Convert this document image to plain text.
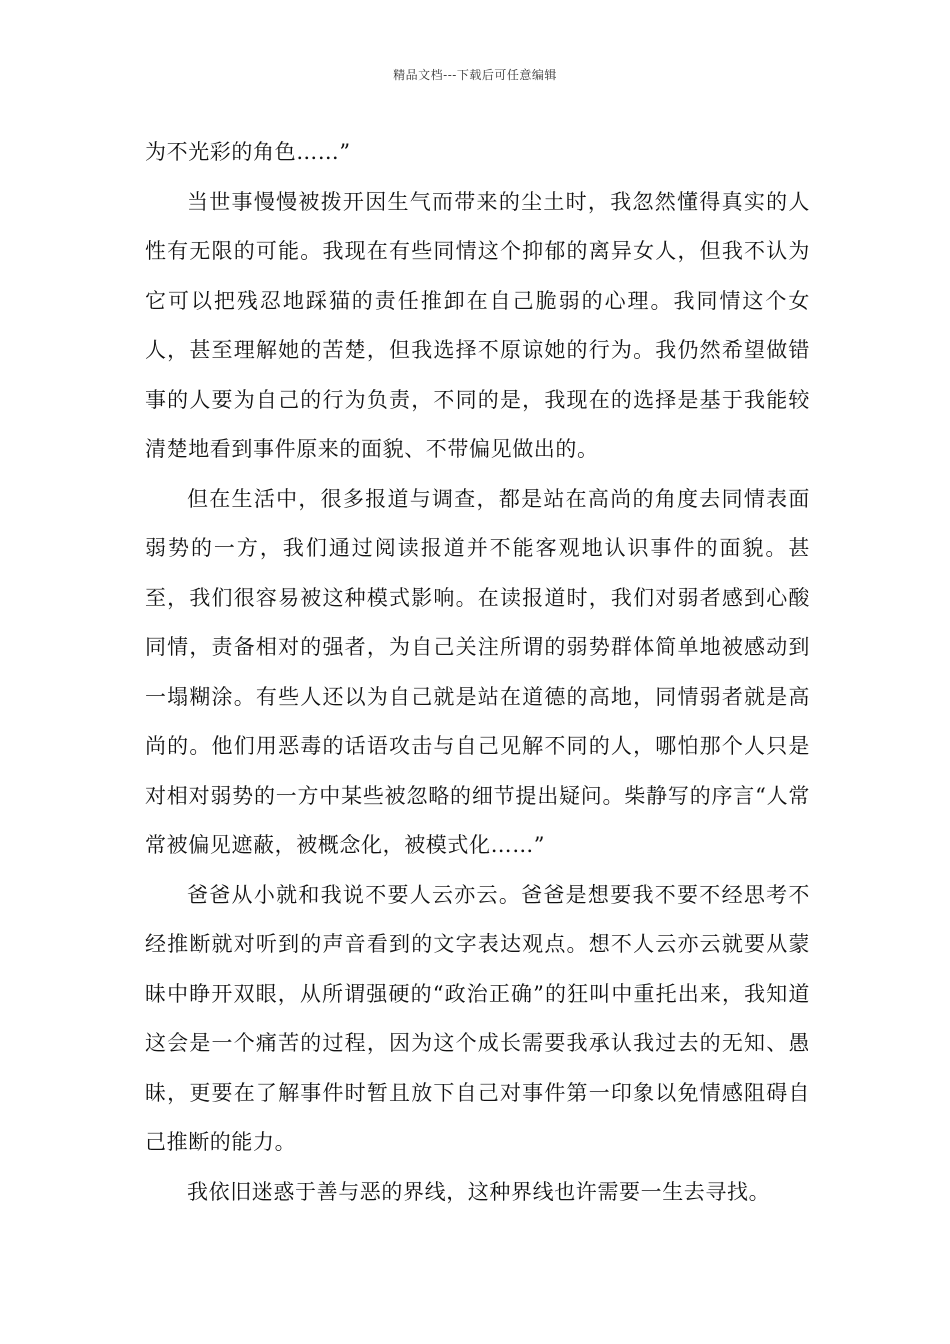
精品文档---下载后可任意编辑

为不光彩的角色……”

当世事慢慢被拨开因生气而带来的尘土时，我忽然懂得真实的人性有无限的可能。我现在有些同情这个抑郁的离异女人，但我不认为它可以把残忍地踩猫的责任推卸在自己脆弱的心理。我同情这个女人，甚至理解她的苦楚，但我选择不原谅她的行为。我仍然希望做错事的人要为自己的行为负责，不同的是，我现在的选择是基于我能较清楚地看到事件原来的面貌、不带偏见做出的。

但在生活中，很多报道与调查，都是站在高尚的角度去同情表面弱势的一方，我们通过阅读报道并不能客观地认识事件的面貌。甚至，我们很容易被这种模式影响。在读报道时，我们对弱者感到心酸同情，责备相对的强者，为自己关注所谓的弱势群体简单地被感动到一塌糊涂。有些人还以为自己就是站在道德的高地，同情弱者就是高尚的。他们用恶毒的话语攻击与自己见解不同的人，哪怕那个人只是对相对弱势的一方中某些被忽略的细节提出疑问。柴静写的序言“人常常被偏见遮蔽，被概念化，被模式化……”

爸爸从小就和我说不要人云亦云。爸爸是想要我不要不经思考不经推断就对听到的声音看到的文字表达观点。想不人云亦云就要从蒙昧中睁开双眼，从所谓强硬的“政治正确”的狂叫中重托出来，我知道这会是一个痛苦的过程，因为这个成长需要我承认我过去的无知、愚昧，更要在了解事件时暂且放下自己对事件第一印象以免情感阻碍自己推断的能力。

我依旧迷惑于善与恶的界线，这种界线也许需要一生去寻找。
